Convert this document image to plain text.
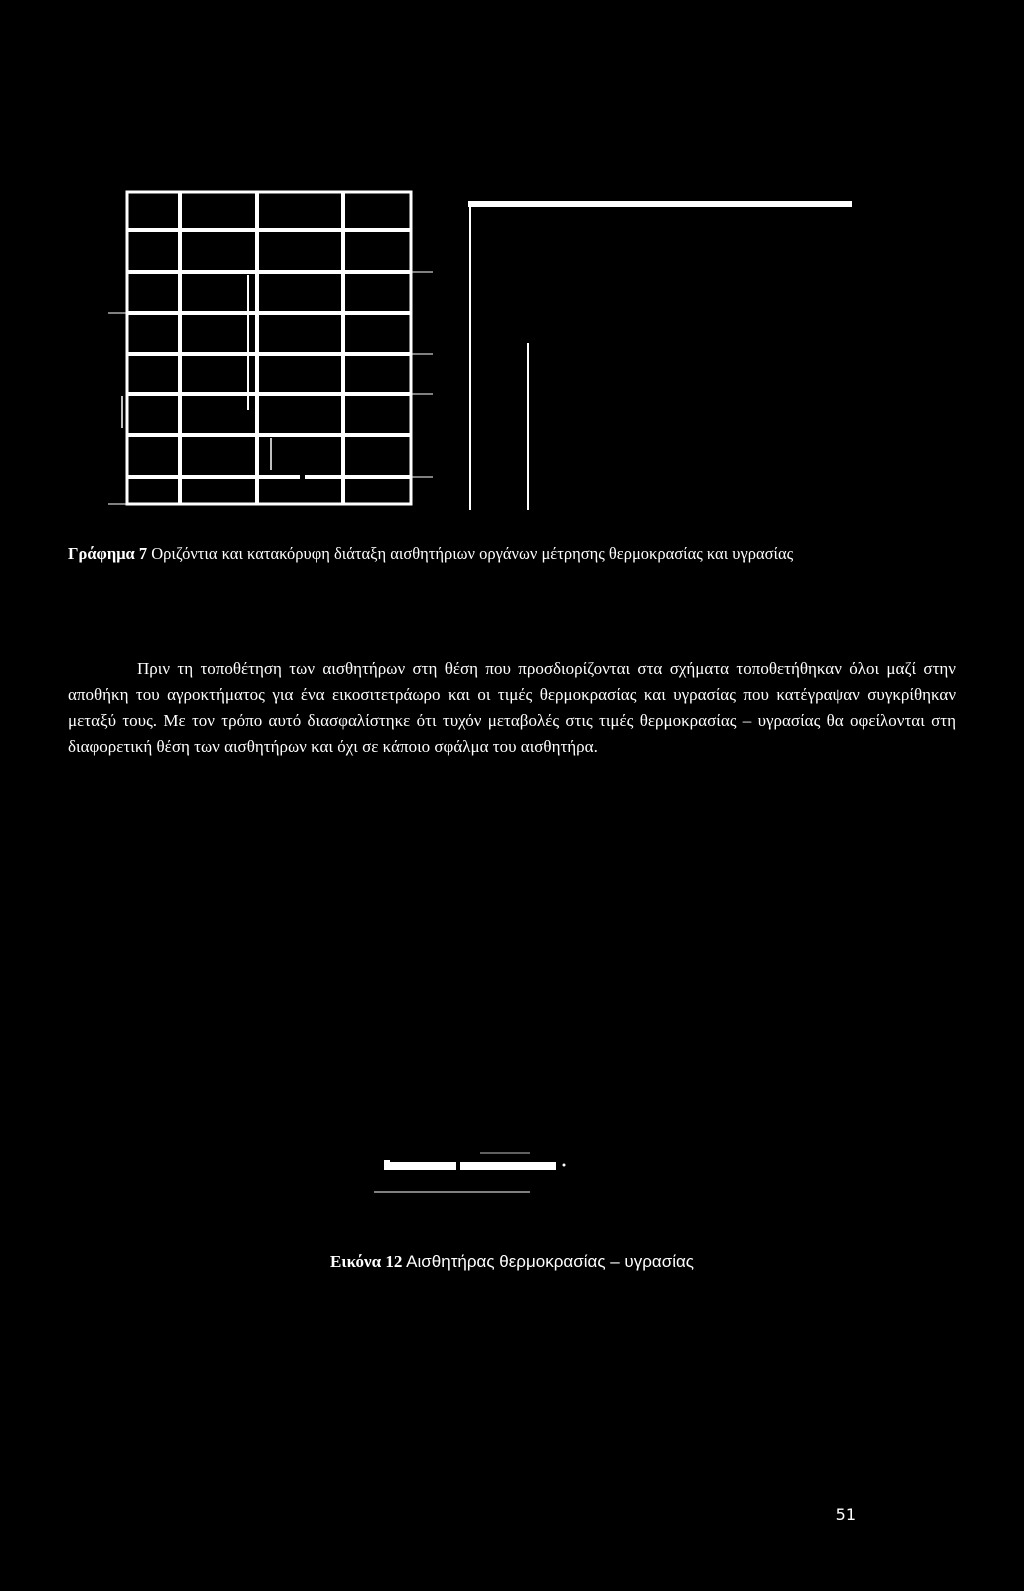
Γράφημα 7 Οριζόντια και κατακόρυφη διάταξη αισθητήριων οργάνων μέτρησης θερμοκρασίας και υγρασίας

Πριν τη τοποθέτηση των αισθητήρων στη θέση που προσδιορίζονται στα σχήματα τοποθετήθηκαν όλοι μαζί στην αποθήκη του αγροκτήματος για ένα εικοσιτετράωρο και οι τιμές θερμοκρασίας και υγρασίας που κατέγραψαν συγκρίθηκαν μεταξύ τους. Με τον τρόπο αυτό διασφαλίστηκε ότι τυχόν μεταβολές στις τιμές θερμοκρασίας – υγρασίας θα οφείλονται στη διαφορετική θέση των αισθητήρων και όχι σε κάποιο σφάλμα του αισθητήρα.

Εικόνα 12 Αισθητήρας θερμοκρασίας – υγρασίας
51
